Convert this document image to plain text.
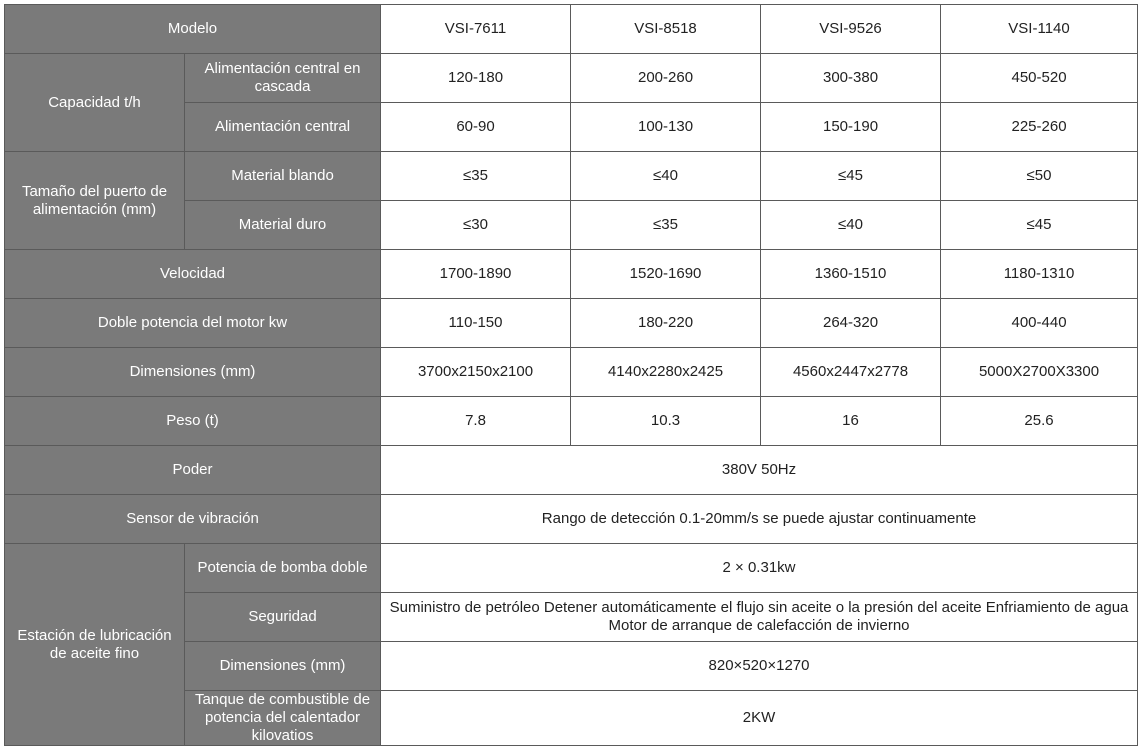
Modelo		VSI-7611	VSI-8518	VSI-9526	VSI-1140
Capacidad t/h	Alimentación central en cascada	120-180	200-260	300-380	450-520
	Alimentación central	60-90	100-130	150-190	225-260
Tamaño del puerto de alimentación (mm)	Material blando	≤35	≤40	≤45	≤50
	Material duro	≤30	≤35	≤40	≤45
Velocidad		1700-1890	1520-1690	1360-1510	1180-1310
Doble potencia del motor kw		110-150	180-220	264-320	400-440
Dimensiones (mm)		3700x2150x2100	4140x2280x2425	4560x2447x2778	5000X2700X3300
Peso (t)		7.8	10.3	16	25.6
Poder		380V 50Hz			
Sensor de vibración		Rango de detección 0.1-20mm/s se puede ajustar continuamente			
Estación de lubricación de aceite fino	Potencia de bomba doble	2 × 0.31kw			
	Seguridad	Suministro de petróleo Detener automáticamente el flujo sin aceite o la presión del aceite Enfriamiento de agua Motor de arranque de calefacción de invierno			
	Dimensiones (mm)	820×520×1270			
	Tanque de combustible de potencia del calentador kilovatios	2KW			
